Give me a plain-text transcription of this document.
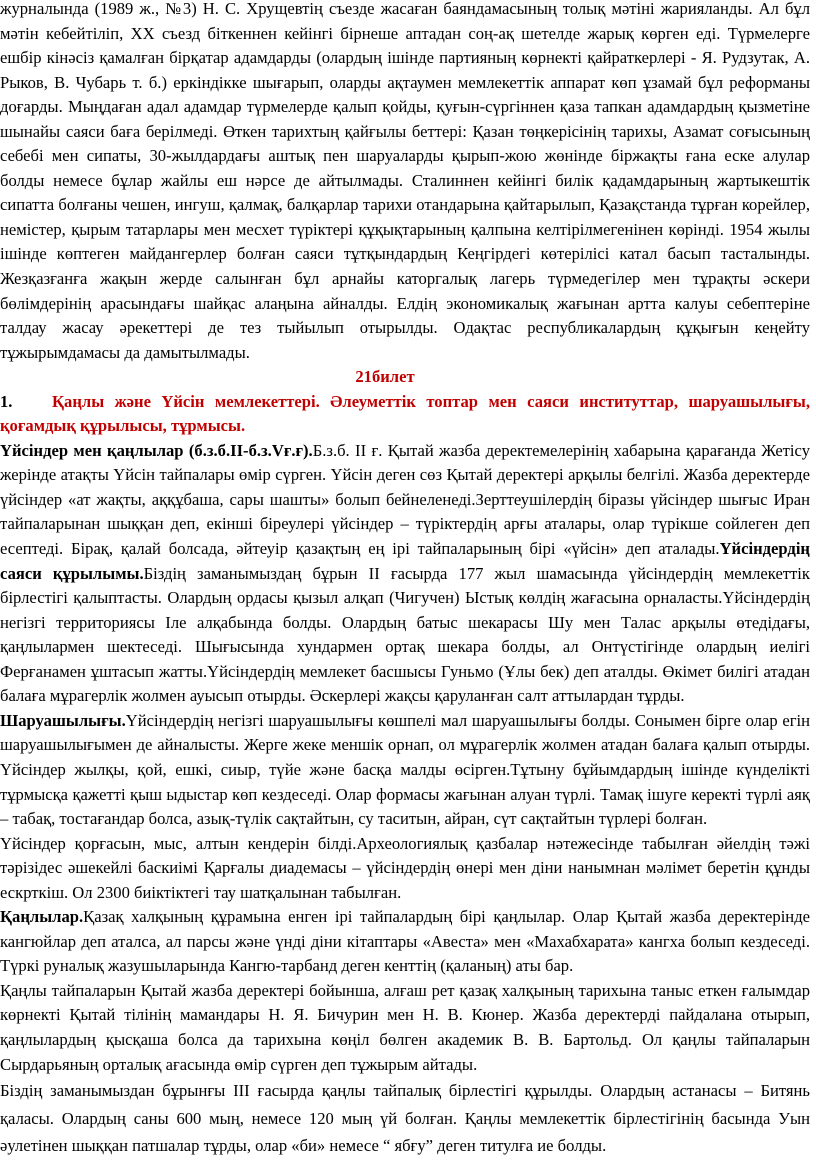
журналында (1989 ж., №3) Н. С. Хрущевтің съезде жасаған баяндамасының толық мәтіні жарияланды. Ал бұл мәтін кебейтіліп, XX съезд біткеннен кейінгі бірнеше аптадан соң-ақ шетелде жарық көрген еді. Түрмелерге ешбір кінәсіз қамалған бірқатар адамдарды (олардың ішінде партияның көрнекті қайраткерлері - Я. Рудзутак, А. Рыков, В. Чубарь т. б.) еркіндікке шығарып, оларды ақтаумен мемлекеттік аппарат көп ұзамай бұл реформаны доғарды. Мыңдаған адал адамдар түрмелерде қалып қойды, қуғын-сүргіннен қаза тапкан адамдардың қызметіне шынайы саяси баға берілмеді. Өткен тарихтың қайғылы беттері: Қазан төңкерісінің тарихы, Азамат соғысының себебі мен сипаты, 30-жылдардағы аштық пен шаруаларды қырып-жою жөнінде біржақты ғана еске алулар болды немесе бұлар жайлы еш нәрсе де айтылмады. Сталиннен кейінгі билік қадамдарының жартыкештік сипатта болғаны чешен, ингуш, қалмақ, балқарлар тарихи отандарына қайтарылып, Қазақстанда тұрған корейлер, немістер, қырым татарлары мен месхет түріктері құқықтарының қалпына келтірілмегенінен көрінді. 1954 жылы ішінде көптеген майдангерлер болған саяси тұтқындардың Кеңгірдегі көтерілісі катал басып тасталынды. Жезқазғанға жақын жерде салынған бұл арнайы каторгалық лагерь түрмедегілер мен тұрақты әскери бөлімдерінің арасындағы шайқас алаңына айналды. Елдің экономикалық жағынан артта калуы себептеріне талдау жасау әрекеттері де тез тыйылып отырылды. Одақтас республикалардың құқығын кеңейту тұжырымдамасы да дамытылмады.

21билет

1. Қаңлы және Үйсін мемлекеттері. Әлеуметтік топтар мен саяси институттар, шаруашылығы, қоғамдық құрылысы, тұрмысы.

Үйсіндер мен қаңлылар (б.з.б.ІІ-б.з.Vғ.ғ).Б.з.б. ІІ ғ. Қытай жазба деректемелерінің хабарына қарағанда Жетісу жерінде атақты Үйсін тайпалары өмір сүрген. Үйсін деген сөз Қытай деректері арқылы белгілі. Жазба деректерде үйсіндер «ат жақты, аққұбаша, сары шашты» болып бейнеленеді.Зерттеушілердің біразы үйсіндер шығыс Иран тайпаларынан шыққан деп, екінші біреулері үйсіндер – түріктердің арғы аталары, олар түрікше сойлеген деп есептеді. Бірақ, қалай болсада, әйтеуір қазақтың ең ірі тайпаларының бірі «үйсін» деп аталады.Үйсіндердің саяси құрылымы.Біздің заманымыздаң бұрын ІІ ғасырда 177 жыл шамасында үйсіндердің мемлекеттік бірлестігі қалыптасты. Олардың ордасы қызыл алқап (Чигучен) Ыстық көлдің жағасына орналасты.Үйсіндердің негізгі территориясы Іле алқабында болды. Олардың батыс шекарасы Шу мен Талас арқылы өтедідағы, қаңлылармен шектеседі. Шығысында хундармен ортақ шекара болды, ал Онтүстігінде олардың иелігі Ферғанамен ұштасып жатты.Үйсіндердің мемлекет басшысы Гуньмо (Ұлы бек) деп аталды. Өкімет билігі атадан балаға мұрагерлік жолмен ауысып отырды. Әскерлері жақсы қаруланған салт аттылардан тұрды.

Шаруашылығы.Үйсіндердің негізгі шаруашылығы көшпелі мал шаруашылығы болды. Сонымен бірге олар егін шаруашылығымен де айналысты. Жерге жеке меншік орнап, ол мұрагерлік жолмен атадан балаға қалып отырды. Үйсіндер жылқы, қой, ешкі, сиыр, түйе және басқа малды өсірген.Тұтыну бұйымдардың ішінде күнделікті тұрмысқа қажетті қыш ыдыстар көп кездеседі. Олар формасы жағынан алуан түрлі. Тамақ ішуге керекті түрлі аяқ – табақ, тостағандар болса, азық-түлік сақтайтын, су таситын, айран, сүт сақтайтын түрлері болған.

Үйсіндер қорғасын, мыс, алтын кендерін білді.Археологиялық қазбалар нәтежесінде табылған әйелдің тәжі тәрізідес әшекейлі баскиімі Қарғалы диадемасы – үйсіндердің өнері мен діни нанымнан мәлімет беретін құнды ескрткіш. Ол 2300 биіктіктегі тау шатқалынан табылған.

Қаңлылар.Қазақ халқының құрамына енген ірі тайпалардың бірі қаңлылар. Олар Қытай жазба деректерінде кангюйлар деп аталса, ал парсы және үнді діни кітаптары «Авеста» мен «Махабхарата» кангха болып кездеседі. Түркі руналық жазушыларында Кангю-тарбанд деген кенттің (қаланың) аты бар.

Қаңлы тайпаларын Қытай жазба деректері бойынша, алғаш рет қазақ халқының тарихына таныс еткен ғалымдар көрнекті Қытай тілінің мамандары Н. Я. Бичурин мен Н. В. Кюнер. Жазба деректерді пайдалана отырып, қаңлылардың қысқаша болса да тарихына көңіл бөлген академик В. В. Бартольд. Ол қаңлы тайпаларын Сырдарьяның орталық ағасында өмір сүрген деп тұжырым айтады.

Біздің заманымыздан бұрынғы ІІІ ғасырда қаңлы тайпалық бірлестігі құрылды. Олардың астанасы – Битянь қаласы. Олардың саны 600 мың, немесе 120 мың үй болған. Қаңлы мемлекеттік бірлестігінің басында Уын әулетінен шыққан патшалар тұрды, олар «би» немесе “ ябғу” деген титулға ие болды.
